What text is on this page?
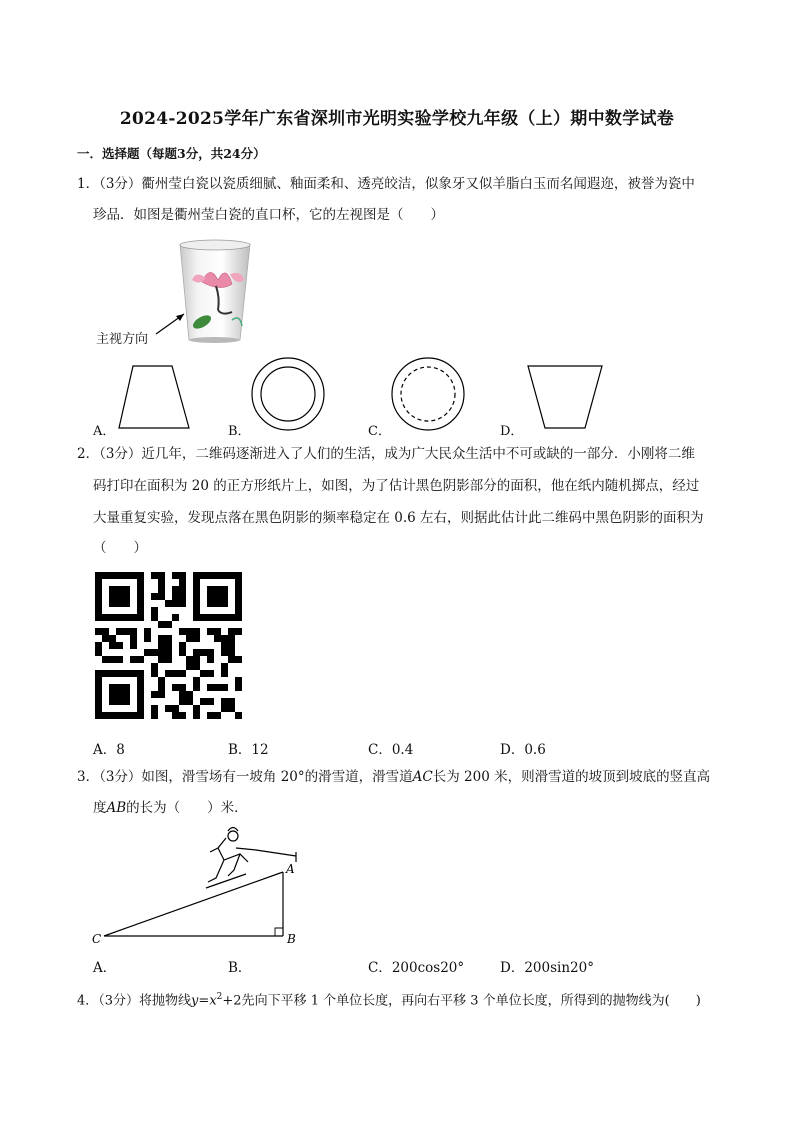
2024-2025学年广东省深圳市光明实验学校九年级（上）期中数学试卷
一．选择题（每题3分，共24分）
1．（3分）衢州莹白瓷以瓷质细腻、釉面柔和、透亮皎洁，似象牙又似羊脂白玉而名闻遐迩，被誉为瓷中
珍品．如图是衢州莹白瓷的直口杯，它的左视图是（　　）
主视方向
A．	B．	C．	D．
2．（3分）近几年，二维码逐渐进入了人们的生活，成为广大民众生活中不可或缺的一部分．小刚将二维
码打印在面积为 20 的正方形纸片上，如图，为了估计黑色阴影部分的面积，他在纸内随机掷点，经过
大量重复实验，发现点落在黑色阴影的频率稳定在 0.6 左右，则据此估计此二维码中黑色阴影的面积为
（　　）
A．8	B．12	C．0.4	D．0.6
3．（3分）如图，滑雪场有一坡角 20°的滑雪道，滑雪道AC长为 200 米，则滑雪道的坡顶到坡底的竖直高
度AB的长为（　　）米．
A
B
C
A．	B．	C．200cos20°	D．200sin20°
4．（3分）将抛物线$y=x^2+2$先向下平移 1 个单位长度，再向右平移 3 个单位长度，所得到的抛物线为(　　)
